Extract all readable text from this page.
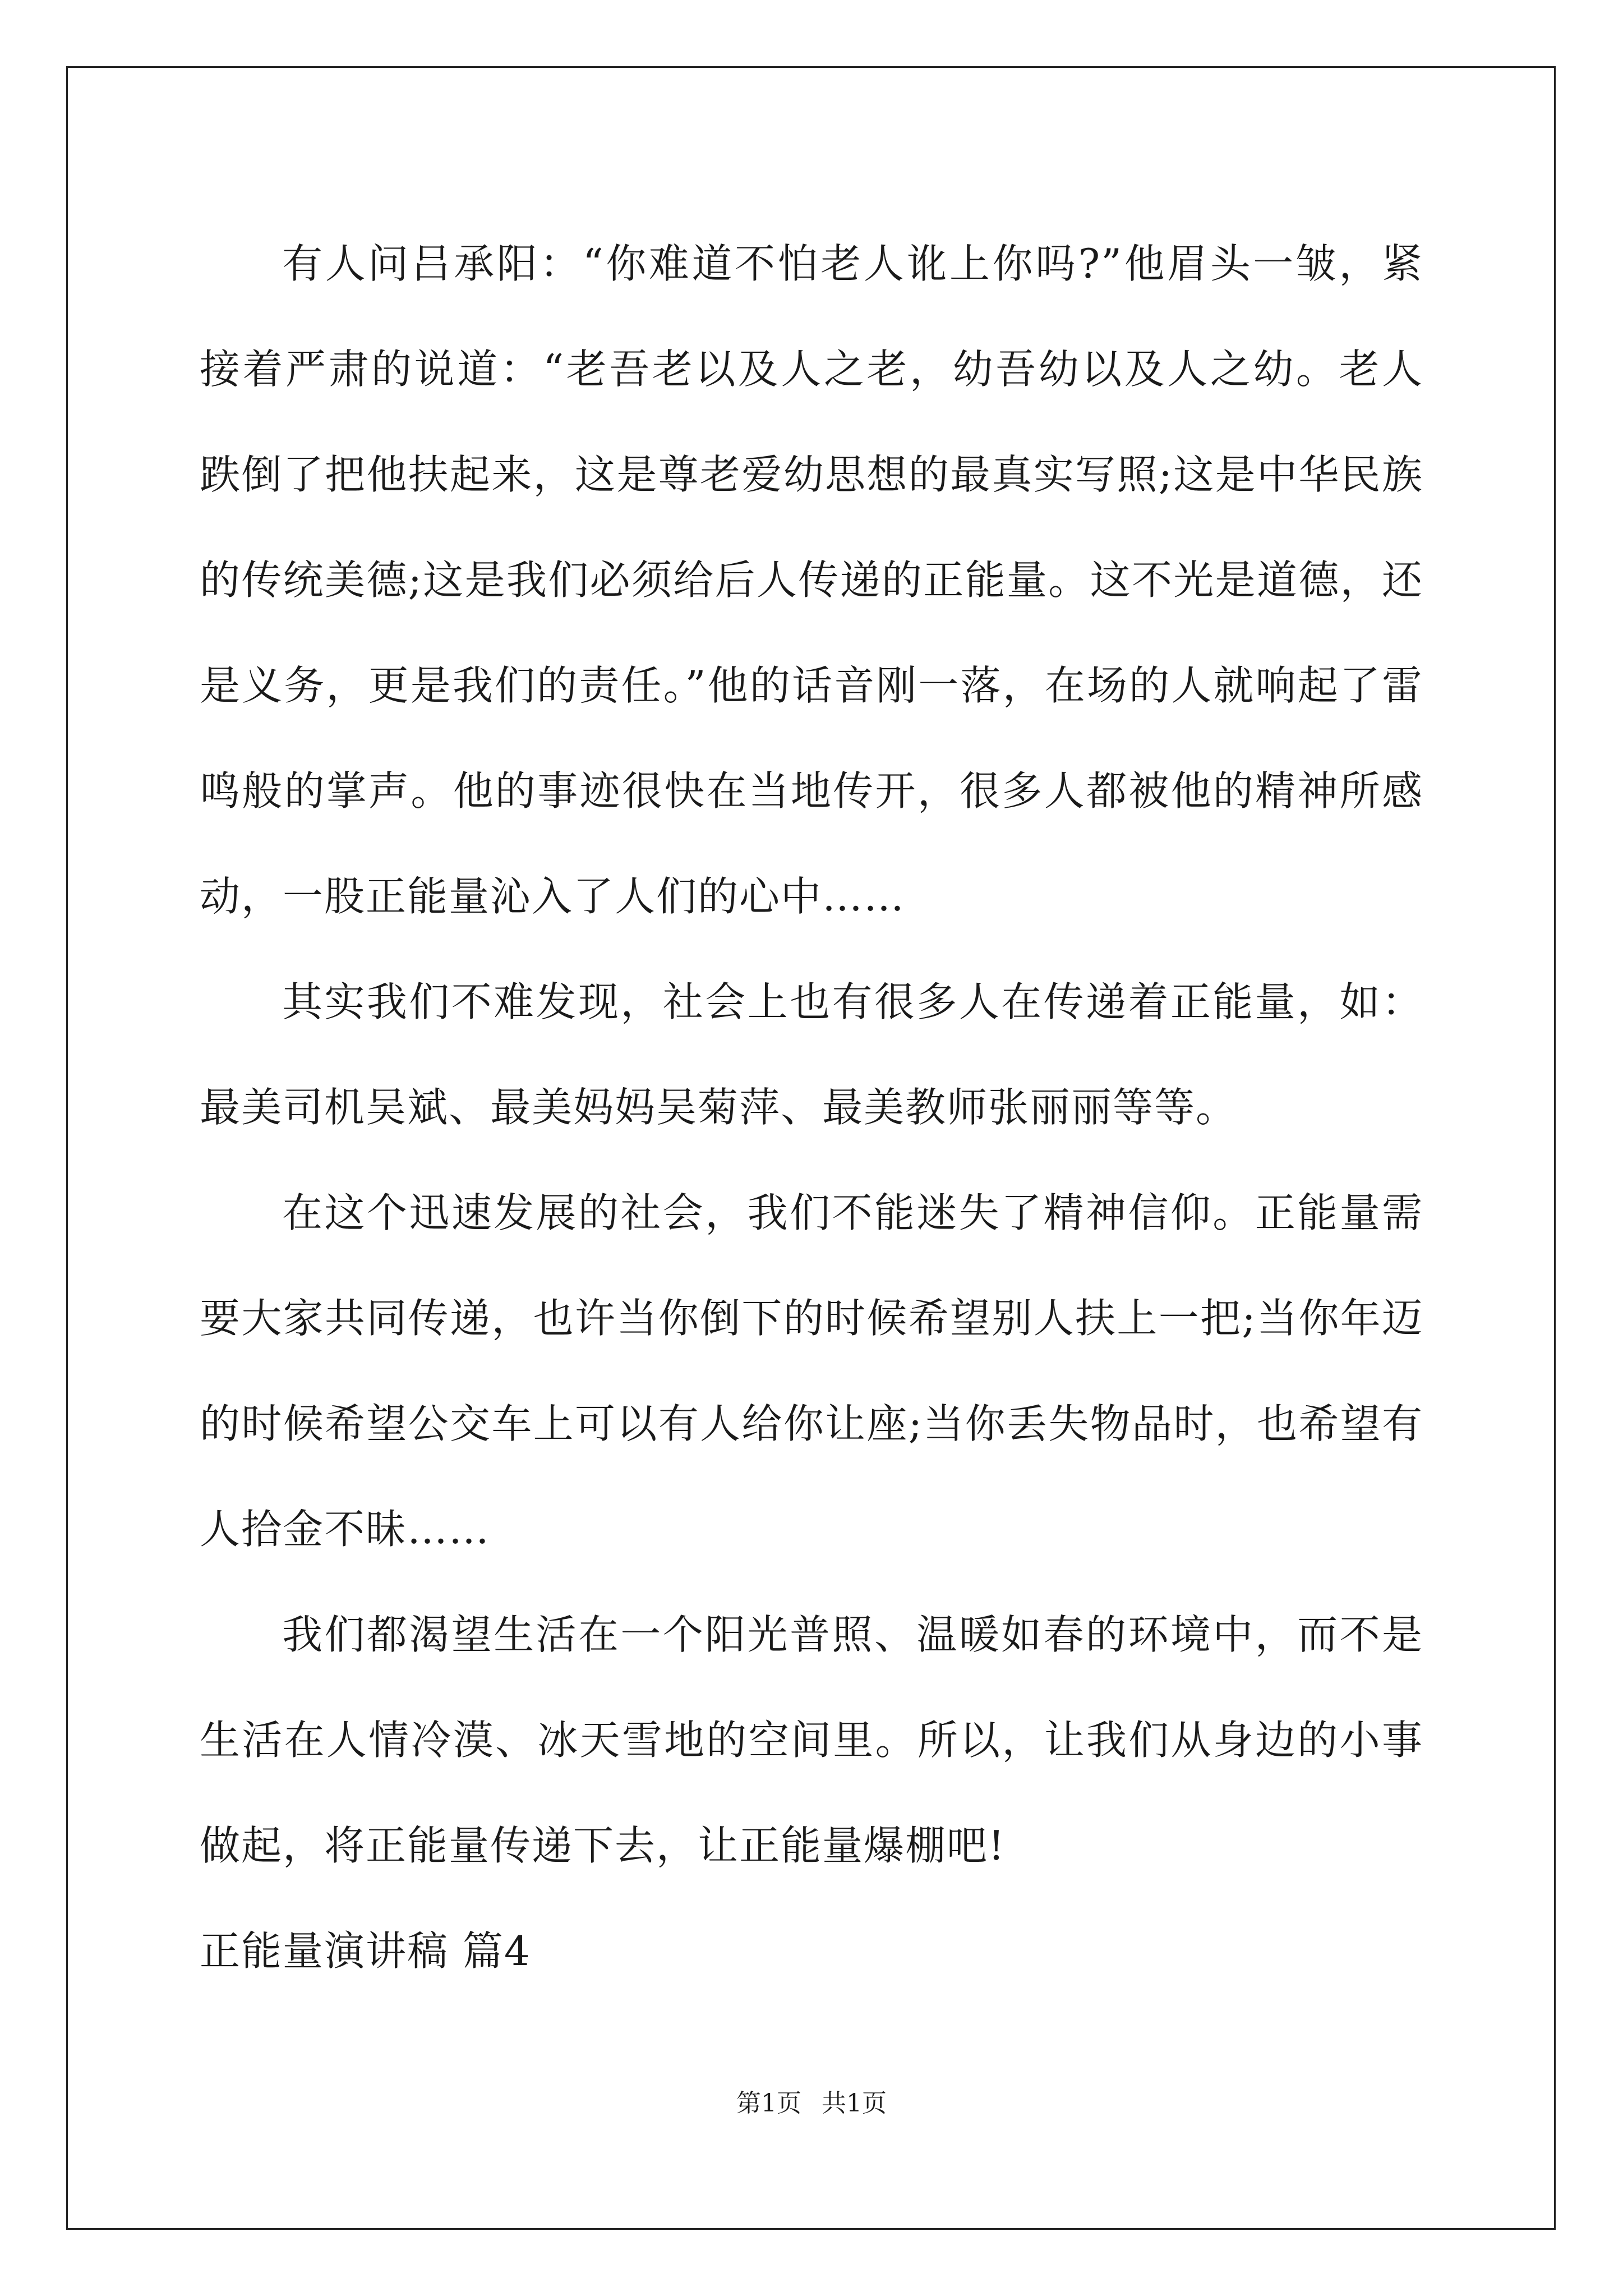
有人问吕承阳：“你难道不怕老人讹上你吗?”他眉头一皱，紧接着严肃的说道：“老吾老以及人之老，幼吾幼以及人之幼。老人跌倒了把他扶起来，这是尊老爱幼思想的最真实写照;这是中华民族的传统美德;这是我们必须给后人传递的正能量。这不光是道德，还是义务，更是我们的责任。”他的话音刚一落，在场的人就响起了雷鸣般的掌声。他的事迹很快在当地传开，很多人都被他的精神所感动，一股正能量沁入了人们的心中……

其实我们不难发现，社会上也有很多人在传递着正能量，如：最美司机吴斌、最美妈妈吴菊萍、最美教师张丽丽等等。

在这个迅速发展的社会，我们不能迷失了精神信仰。正能量需要大家共同传递，也许当你倒下的时候希望别人扶上一把;当你年迈的时候希望公交车上可以有人给你让座;当你丢失物品时，也希望有人拾金不昧……

我们都渴望生活在一个阳光普照、温暖如春的环境中，而不是生活在人情冷漠、冰天雪地的空间里。所以，让我们从身边的小事做起，将正能量传递下去，让正能量爆棚吧!

正能量演讲稿 篇4

第1页 共1页
